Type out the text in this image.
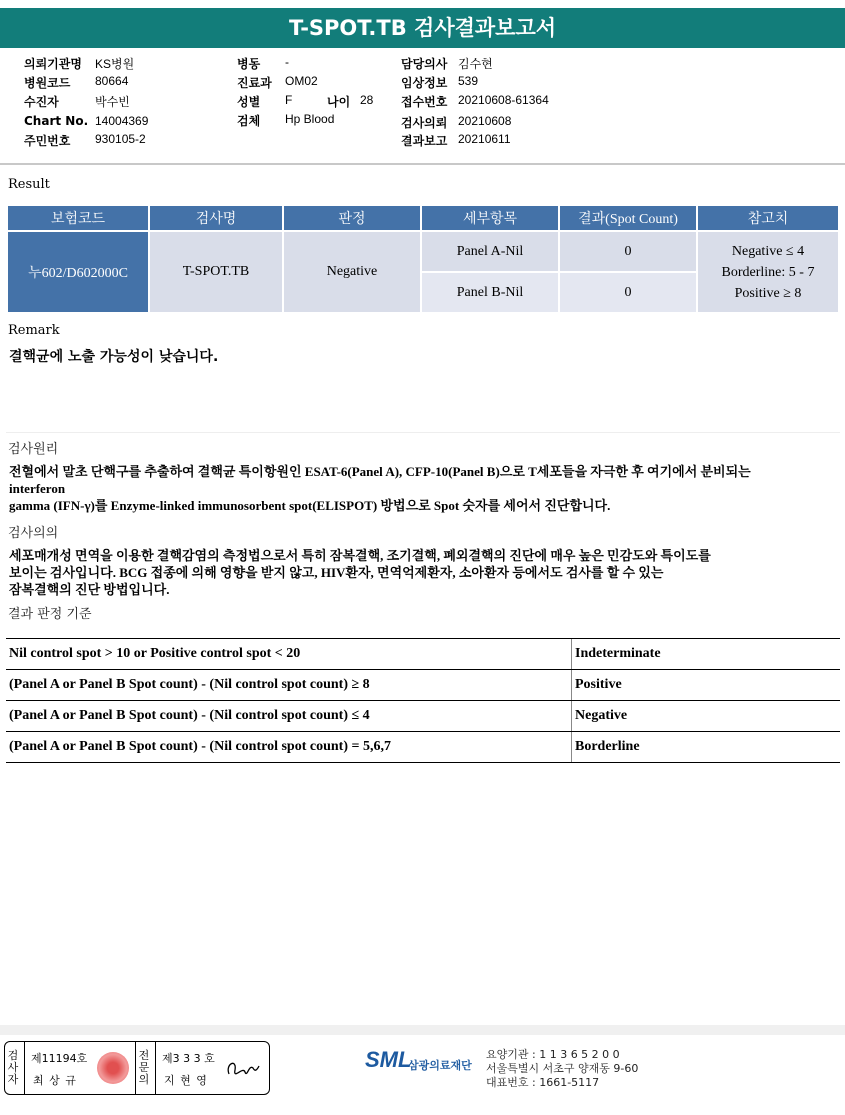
T-SPOT.TB 검사결과보고서
의뢰기관명 KS병원
병원코드 80664
수진자	박수빈
Chart No. 14004369
주민번호 930105-2
병동 -
진료과 OM02
성별 F	나이 28
검체 Hp Blood
담당의사 김수현
임상정보 539
접수번호 20210608-61364
검사의뢰 20210608
결과보고 20210611
Result
보험코드	검사명	판정	세부항목	결과(Spot Count)	참고치
누602/D602000C	T-SPOT.TB	Negative	Panel A-Nil	0	Negative ≤ 4
Borderline: 5 - 7
Positive ≥ 8

			Panel B-Nil	0	
Remark
결핵균에 노출 가능성이 낮습니다.
검사원리
전혈에서 말초 단핵구를 추출하여 결핵균 특이항원인 ESAT-6(Panel A), CFP-10(Panel B)으로 T세포들을 자극한 후 여기에서 분비되는
interferon
gamma (IFN-γ)를 Enzyme-linked immunosorbent spot(ELISPOT) 방법으로 Spot 숫자를 세어서 진단합니다.
검사의의
세포매개성 면역을 이용한 결핵감염의 측정법으로서 특히 잠복결핵, 조기결핵, 폐외결핵의 진단에 매우 높은 민감도와 특이도를
보이는 검사입니다. BCG 접종에 의해 영향을 받지 않고, HIV환자, 면역억제환자, 소아환자 등에서도 검사를 할 수 있는
잠복결핵의 진단 방법입니다.
결과 판정 기준
Nil control spot > 10 or Positive control spot < 20	Indeterminate
(Panel A or Panel B Spot count) - (Nil control spot count) ≥ 8	Positive
(Panel A or Panel B Spot count) - (Nil control spot count) ≤ 4	Negative
(Panel A or Panel B Spot count) - (Nil control spot count) = 5,6,7	Borderline
검사자
제11194호
최 상 규
전문의
제3 3 3 호
지 현 영
SML
삼광의료재단
요양기관 : 1 1 3 6 5 2 0 0
서울특별시 서초구 양재동 9-60
대표번호 : 1661-5117
